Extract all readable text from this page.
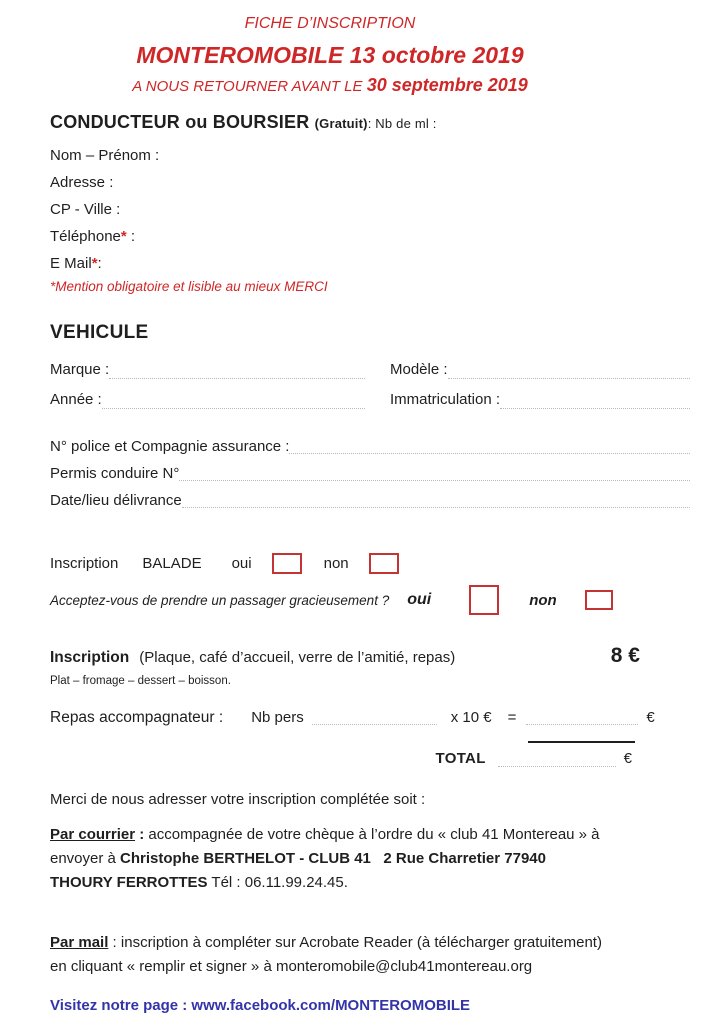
FICHE D’INSCRIPTION
MONTEROMOBILE 13 octobre 2019
A NOUS RETOURNER AVANT LE 30 septembre 2019
CONDUCTEUR ou BOURSIER (Gratuit): Nb de ml :
Nom – Prénom :
Adresse :
CP - Ville :
Téléphone* :
E Mail*:
*Mention obligatoire et lisible au mieux MERCI
VEHICULE
Marque :	Modèle :
Année :	Immatriculation :
N° police et Compagnie assurance :
Permis conduire N°
Date/lieu délivrance
Inscription BALADE oui	non
Acceptez-vous de prendre un passager gracieusement ? oui	non
Inscription (Plaque, café d’accueil, verre de l’amitié, repas)	8 €
Plat – fromage – dessert – boisson.
Repas accompagnateur : Nb pers	x 10 € =	€
TOTAL	€
Merci de nous adresser votre inscription complétée soit :
Par courrier : accompagnée de votre chèque à l’ordre du « club 41 Montereau » à envoyer à Christophe BERTHELOT - CLUB 41   2 Rue Charretier 77940 THOURY FERROTTES Tél : 06.11.99.24.45.
Par mail : inscription à compléter sur Acrobate Reader (à télécharger gratuitement) en cliquant « remplir et signer » à monteromobile@club41montereau.org
Visitez notre page : www.facebook.com/MONTEROMOBILE
